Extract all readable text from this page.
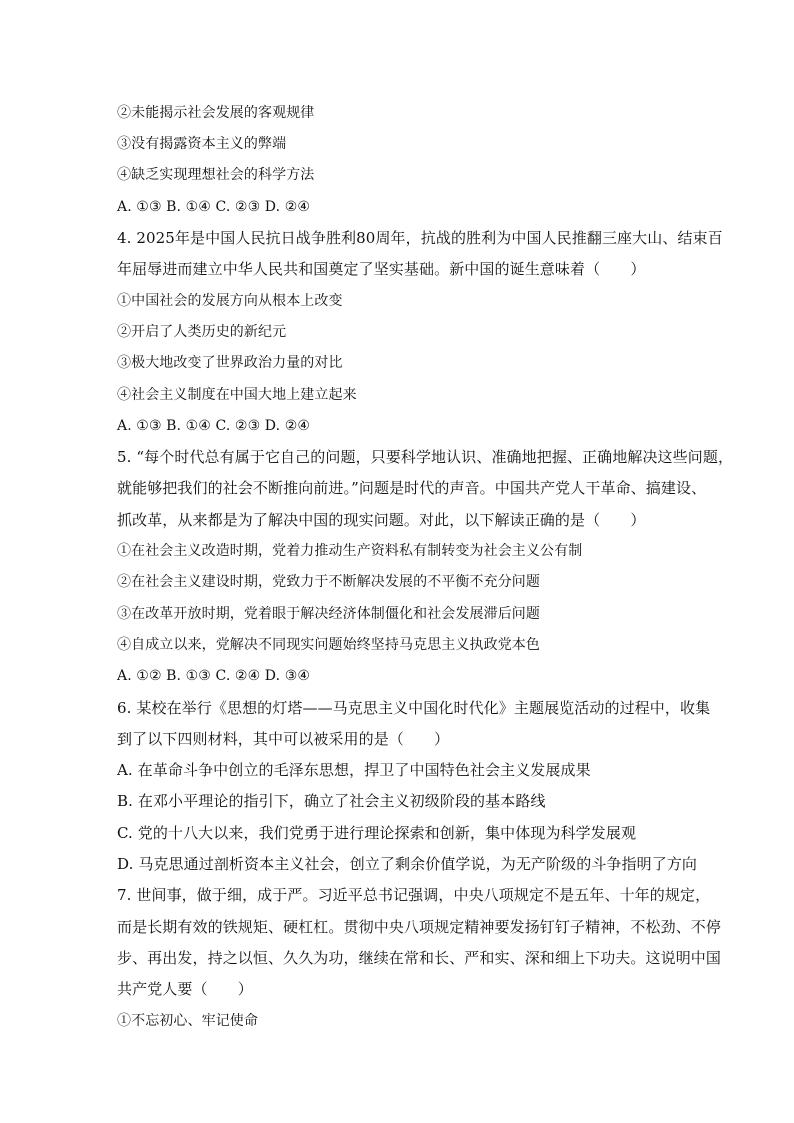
②未能揭示社会发展的客观规律
③没有揭露资本主义的弊端
④缺乏实现理想社会的科学方法
A. ①③ B. ①④ C. ②③ D. ②④
4. 2025年是中国人民抗日战争胜利80周年，抗战的胜利为中国人民推翻三座大山、结束百
年屈辱进而建立中华人民共和国奠定了坚实基础。新中国的诞生意味着（　　）
①中国社会的发展方向从根本上改变
②开启了人类历史的新纪元
③极大地改变了世界政治力量的对比
④社会主义制度在中国大地上建立起来
A. ①③ B. ①④ C. ②③ D. ②④
5. “每个时代总有属于它自己的问题，只要科学地认识、准确地把握、正确地解决这些问题，
就能够把我们的社会不断推向前进。”问题是时代的声音。中国共产党人干革命、搞建设、
抓改革，从来都是为了解决中国的现实问题。对此，以下解读正确的是（　　）
①在社会主义改造时期，党着力推动生产资料私有制转变为社会主义公有制
②在社会主义建设时期，党致力于不断解决发展的不平衡不充分问题
③在改革开放时期，党着眼于解决经济体制僵化和社会发展滞后问题
④自成立以来，党解决不同现实问题始终坚持马克思主义执政党本色
A. ①② B. ①③ C. ②④ D. ③④
6. 某校在举行《思想的灯塔——马克思主义中国化时代化》主题展览活动的过程中，收集
到了以下四则材料，其中可以被采用的是（　　）
A. 在革命斗争中创立的毛泽东思想，捍卫了中国特色社会主义发展成果
B. 在邓小平理论的指引下，确立了社会主义初级阶段的基本路线
C. 党的十八大以来，我们党勇于进行理论探索和创新，集中体现为科学发展观
D. 马克思通过剖析资本主义社会，创立了剩余价值学说，为无产阶级的斗争指明了方向
7. 世间事，做于细，成于严。习近平总书记强调，中央八项规定不是五年、十年的规定，
而是长期有效的铁规矩、硬杠杠。贯彻中央八项规定精神要发扬钉钉子精神，不松劲、不停
步、再出发，持之以恒、久久为功，继续在常和长、严和实、深和细上下功夫。这说明中国
共产党人要（　　）
①不忘初心、牢记使命
